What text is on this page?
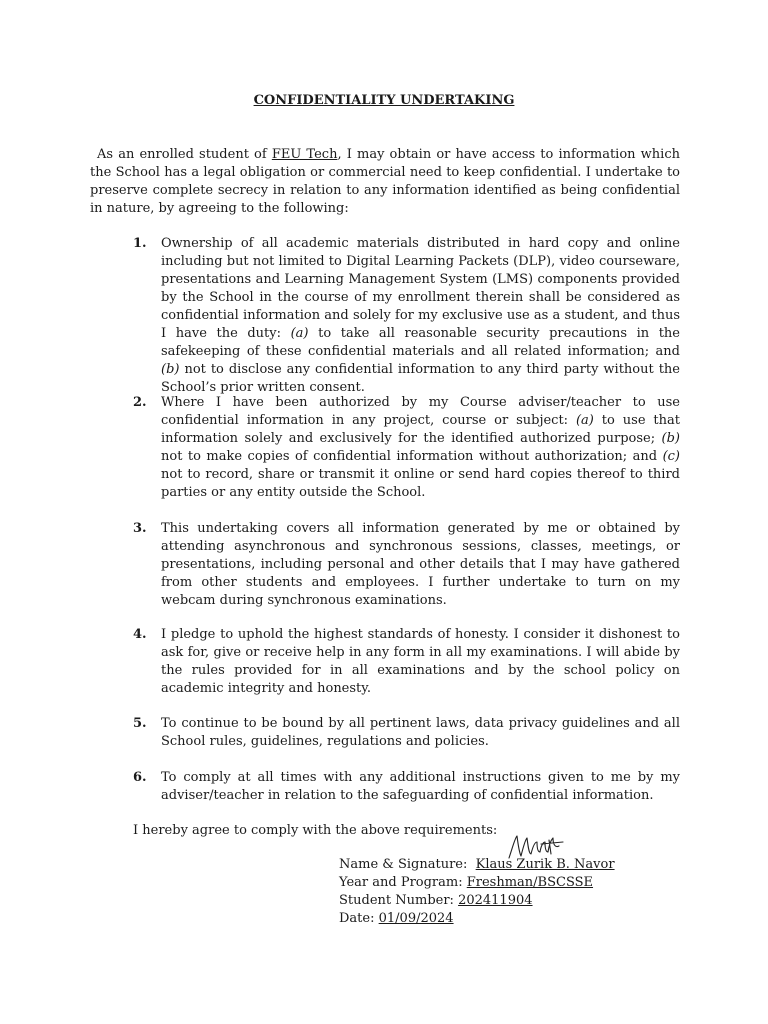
CONFIDENTIALITY UNDERTAKING
As an enrolled student of FEU Tech, I may obtain or have access to information which the School has a legal obligation or commercial need to keep confidential. I undertake to preserve complete secrecy in relation to any information identified as being confidential in nature, by agreeing to the following:
1.	Ownership of all academic materials distributed in hard copy and online including but not limited to Digital Learning Packets (DLP), video courseware, presentations and Learning Management System (LMS) components provided by the School in the course of my enrollment therein shall be considered as confidential information and solely for my exclusive use as a student, and thus I have the duty: (a) to take all reasonable security precautions in the safekeeping of these confidential materials and all related information; and (b) not to disclose any confidential information to any third party without the School’s prior written consent.
2.	Where I have been authorized by my Course adviser/teacher to use confidential information in any project, course or subject: (a) to use that information solely and exclusively for the identified authorized purpose; (b) not to make copies of confidential information without authorization; and (c) not to record, share or transmit it online or send hard copies thereof to third parties or any entity outside the School.
3.	This undertaking covers all information generated by me or obtained by attending asynchronous and synchronous sessions, classes, meetings, or presentations, including personal and other details that I may have gathered from other students and employees. I further undertake to turn on my webcam during synchronous examinations.
4.	I pledge to uphold the highest standards of honesty. I consider it dishonest to ask for, give or receive help in any form in all my examinations. I will abide by the rules provided for in all examinations and by the school policy on academic integrity and honesty.
5.	To continue to be bound by all pertinent laws, data privacy guidelines and all School rules, guidelines, regulations and policies.
6.	To comply at all times with any additional instructions given to me by my adviser/teacher in relation to the safeguarding of confidential information.
I hereby agree to comply with the above requirements:
Name & Signature: Klaus Zurik B. Navor
Year and Program: Freshman/BSCSSE
Student Number: 202411904
Date: 01/09/2024
